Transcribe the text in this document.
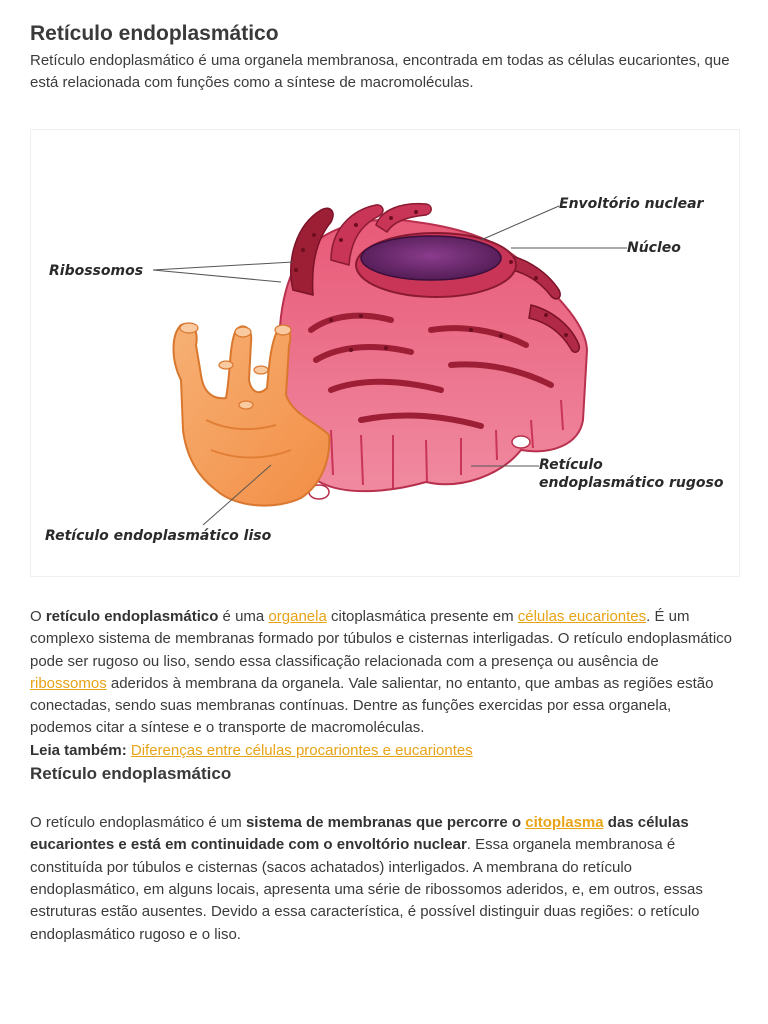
Retículo endoplasmático

Retículo endoplasmático é uma organela membranosa, encontrada em todas as células eucariontes, que está relacionada com funções como a síntese de macromoléculas.

Envoltório nuclear
Núcleo
Ribossomos
Retículo
endoplasmático rugoso
Retículo endoplasmático liso

O retículo endoplasmático é uma organela citoplasmática presente em células eucariontes. É um complexo sistema de membranas formado por túbulos e cisternas interligadas. O retículo endoplasmático pode ser rugoso ou liso, sendo essa classificação relacionada com a presença ou ausência de ribossomos aderidos à membrana da organela. Vale salientar, no entanto, que ambas as regiões estão conectadas, sendo suas membranas contínuas. Dentre as funções exercidas por essa organela, podemos citar a síntese e o transporte de macromoléculas.

Leia também: Diferenças entre células procariontes e eucariontes

Retículo endoplasmático

O retículo endoplasmático é um sistema de membranas que percorre o citoplasma das células eucariontes e está em continuidade com o envoltório nuclear. Essa organela membranosa é constituída por túbulos e cisternas (sacos achatados) interligados. A membrana do retículo endoplasmático, em alguns locais, apresenta uma série de ribossomos aderidos, e, em outros, essas estruturas estão ausentes. Devido a essa característica, é possível distinguir duas regiões: o retículo endoplasmático rugoso e o liso.
